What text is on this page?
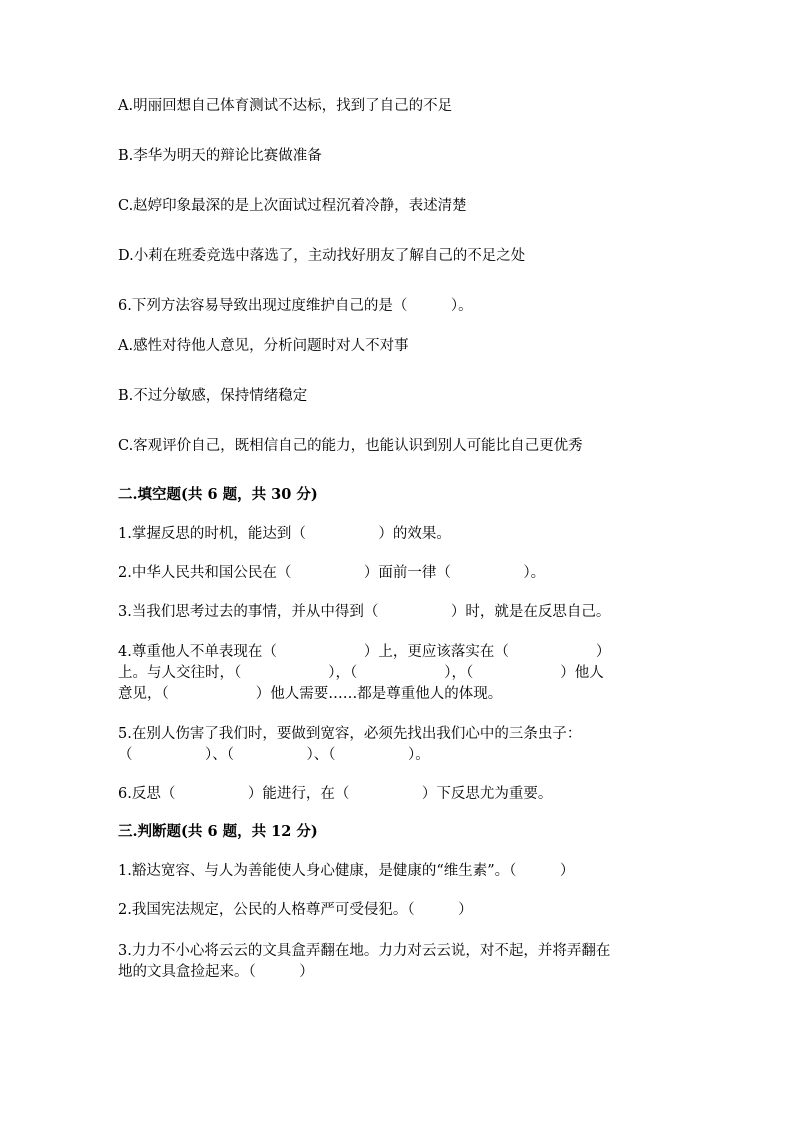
A.明丽回想自己体育测试不达标，找到了自己的不足
B.李华为明天的辩论比赛做准备
C.赵婷印象最深的是上次面试过程沉着冷静，表述清楚
D.小莉在班委竞选中落选了，主动找好朋友了解自己的不足之处
6.下列方法容易导致出现过度维护自己的是（　　　）。
A.感性对待他人意见，分析问题时对人不对事
B.不过分敏感，保持情绪稳定
C.客观评价自己，既相信自己的能力，也能认识到别人可能比自己更优秀
二.填空题(共 6 题，共 30 分)
1.掌握反思的时机，能达到（　　　　　）的效果。
2.中华人民共和国公民在（　　　　　）面前一律（　　　　　）。
3.当我们思考过去的事情，并从中得到（　　　　　）时，就是在反思自己。
4.尊重他人不单表现在（　　　　　　）上，更应该落实在（　　　　　　）
上。与人交往时，（　　　　　　），（　　　　　　），（　　　　　　）他人
意见，（　　　　　　）他人需要……都是尊重他人的体现。
5.在别人伤害了我们时，要做到宽容，必须先找出我们心中的三条虫子：
（　　　　　）、（　　　　　）、（　　　　　）。
6.反思（　　　　　）能进行，在（　　　　　）下反思尤为重要。
三.判断题(共 6 题，共 12 分)
1.豁达宽容、与人为善能使人身心健康，是健康的“维生素”。（　　　）
2.我国宪法规定，公民的人格尊严可受侵犯。（　　　）
3.力力不小心将云云的文具盒弄翻在地。力力对云云说，对不起，并将弄翻在
地的文具盒捡起来。（　　　）
